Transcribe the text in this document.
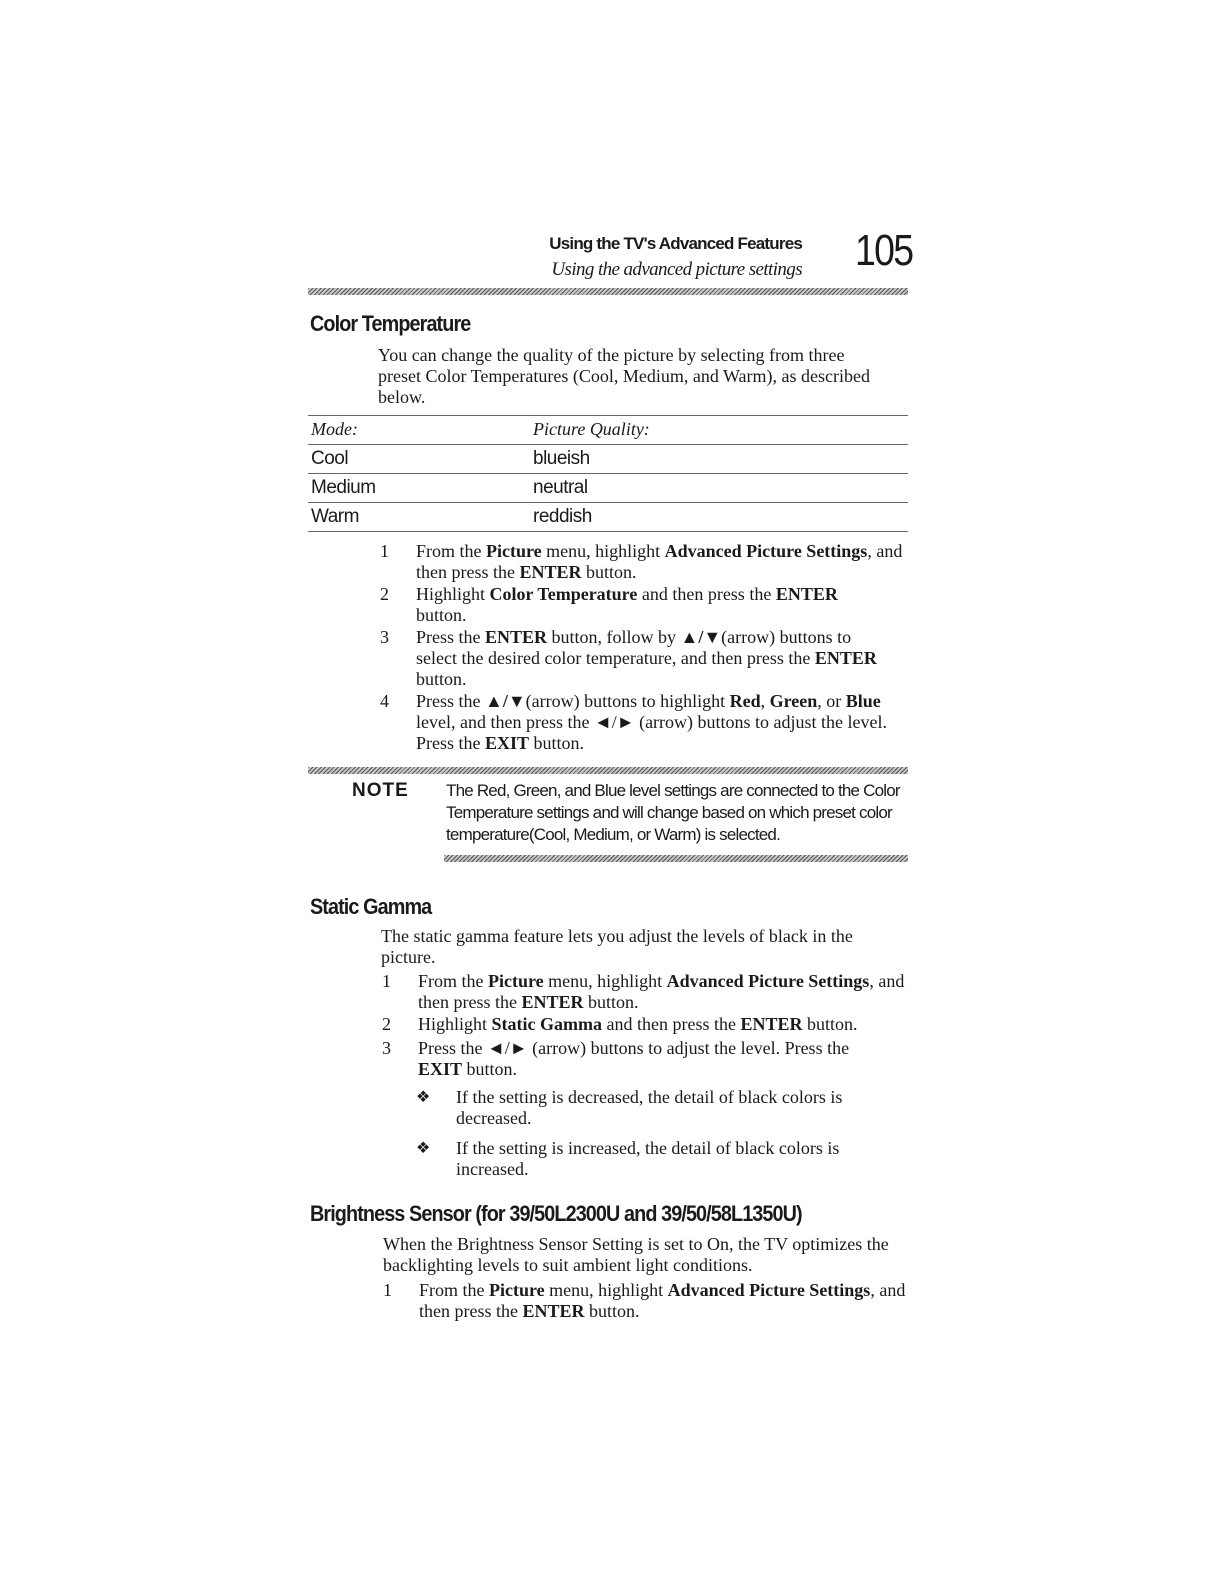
Using the TV's Advanced Features
Using the advanced picture settings 105
Color Temperature
You can change the quality of the picture by selecting from three preset Color Temperatures (Cool, Medium, and Warm), as described below.
Mode:	Picture Quality:
Cool	blueish
Medium	neutral
Warm	reddish
1	From the Picture menu, highlight Advanced Picture Settings, and then press the ENTER button.
2	Highlight Color Temperature and then press the ENTER button.
3	Press the ENTER button, follow by ▲/▼(arrow) buttons to select the desired color temperature, and then press the ENTER button.
4	Press the ▲/▼(arrow) buttons to highlight Red, Green, or Blue level, and then press the ◄/► (arrow) buttons to adjust the level. Press the EXIT button.
NOTE The Red, Green, and Blue level settings are connected to the Color Temperature settings and will change based on which preset color temperature(Cool, Medium, or Warm) is selected.
Static Gamma
The static gamma feature lets you adjust the levels of black in the picture.
1	From the Picture menu, highlight Advanced Picture Settings, and then press the ENTER button.
2	Highlight Static Gamma and then press the ENTER button.
3	Press the ◄/► (arrow) buttons to adjust the level. Press the EXIT button.
❖ If the setting is decreased, the detail of black colors is decreased.
❖ If the setting is increased, the detail of black colors is increased.
Brightness Sensor (for 39/50L2300U and 39/50/58L1350U)
When the Brightness Sensor Setting is set to On, the TV optimizes the backlighting levels to suit ambient light conditions.
1	From the Picture menu, highlight Advanced Picture Settings, and then press the ENTER button.
